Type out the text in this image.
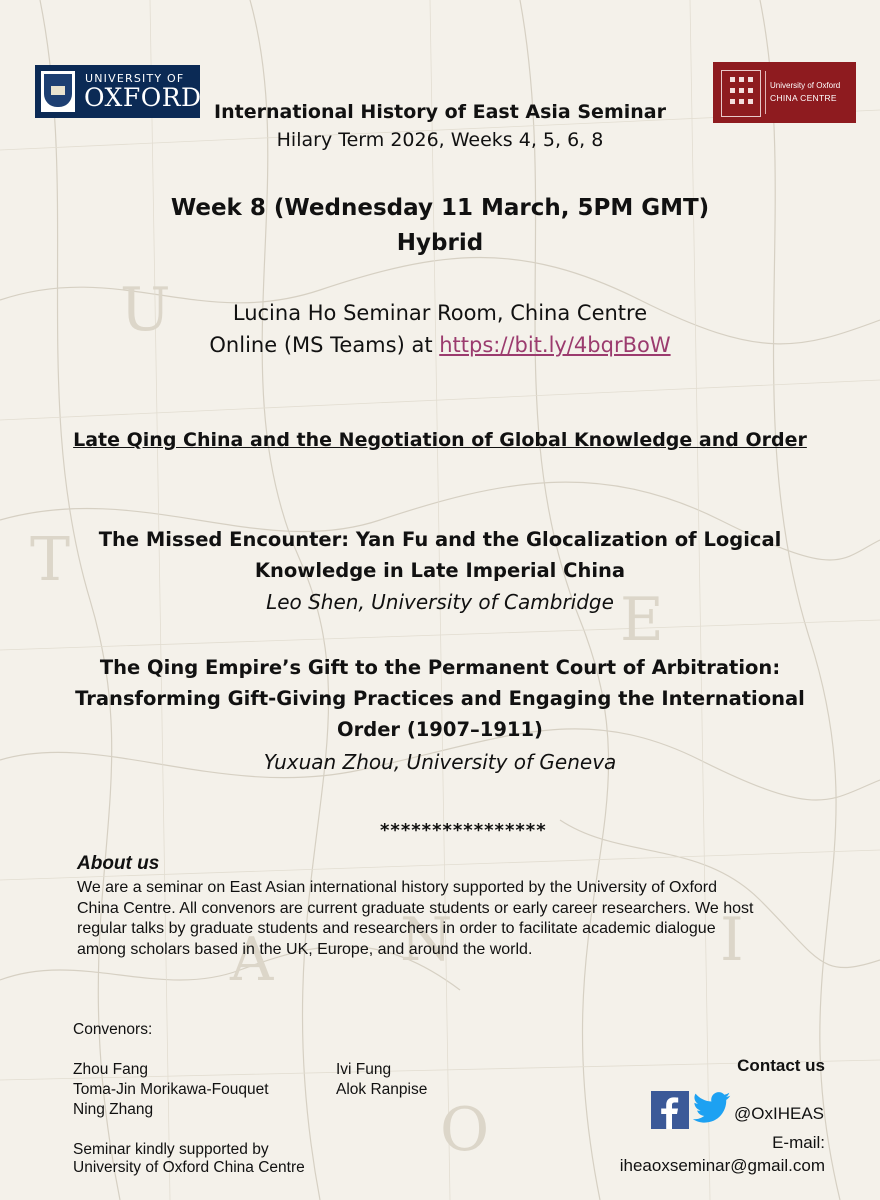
U
T
E
N
A
O
I
UNIVERSITY OF
OXFORD	University of Oxford
CHINA CENTRE
International History of East Asia Seminar
Hilary Term 2026, Weeks 4, 5, 6, 8
Week 8 (Wednesday 11 March, 5PM GMT)
Hybrid
Lucina Ho Seminar Room, China Centre
Online (MS Teams) at https://bit.ly/4bqrBoW
Late Qing China and the Negotiation of Global Knowledge and Order
The Missed Encounter: Yan Fu and the Glocalization of Logical
Knowledge in Late Imperial China
Leo Shen, University of Cambridge
The Qing Empire’s Gift to the Permanent Court of Arbitration:
Transforming Gift-Giving Practices and Engaging the International
Order (1907–1911)
Yuxuan Zhou, University of Geneva
****************
About us
We are a seminar on East Asian international history supported by the University of Oxford
China Centre. All convenors are current graduate students or early career researchers. We host
regular talks by graduate students and researchers in order to facilitate academic dialogue
among scholars based in the UK, Europe, and around the world.
Convenors:
Zhou Fang
Toma-Jin Morikawa-Fouquet
Ning Zhang
Ivi Fung
Alok Ranpise
Seminar kindly supported by
University of Oxford China Centre
Contact us
@OxIHEAS
E-mail:
iheaoxseminar@gmail.com
